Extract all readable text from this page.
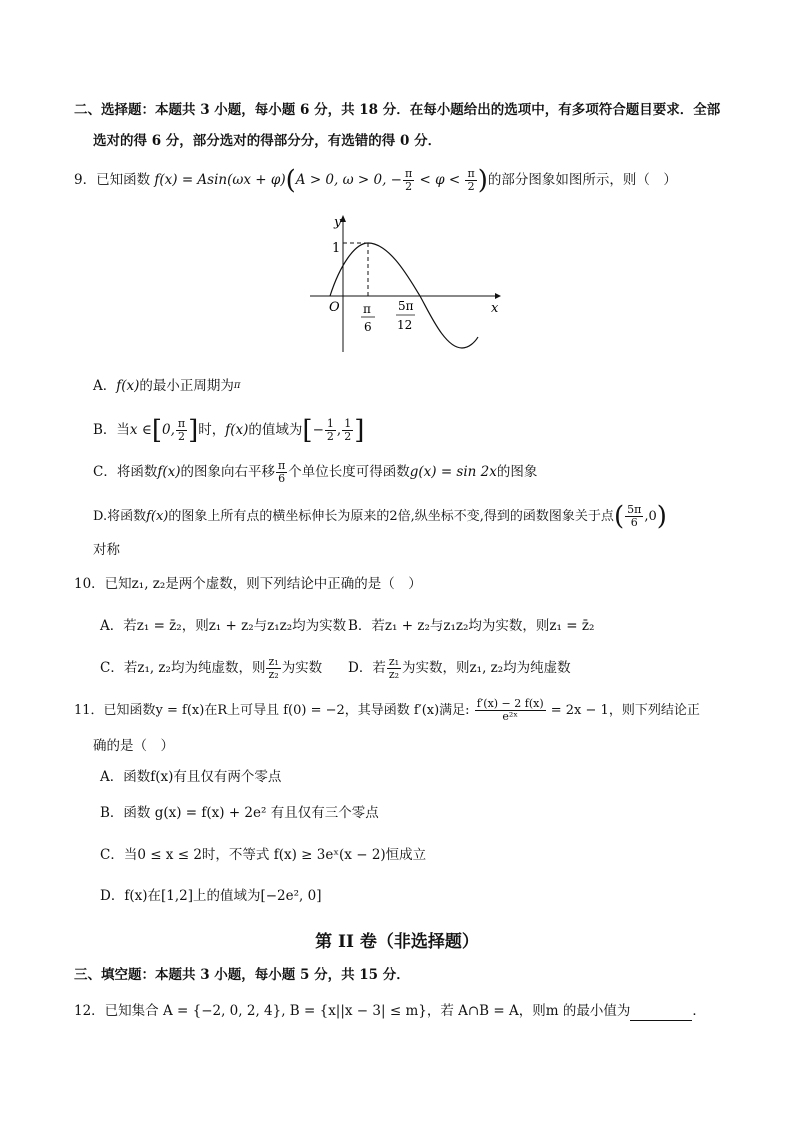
二、选择题：本题共 3 小题，每小题 6 分，共 18 分．在每小题给出的选项中，有多项符合题目要求．全部
选对的得 6 分，部分选对的得部分分，有选错的得 0 分．
9．已知函数 f(x) = Asin(ωx + φ)(A > 0, ω > 0, − $\frac{\pi}{2} < \varphi < \frac{\pi}{2}$ )的部分图象如图所示，则（　）
y
x
O
1
π
6
5π
12
A．f(x)的最小正周期为$^\pi$
B．当x ∈[0, $\frac{\pi}{2}$ ]时，f(x)的值域为[− $\frac{1}{2}$ , $\frac{1}{2}$ ]
C．将函数f(x)的图象向右平移 $\frac{\pi}{6}$ 个单位长度可得函数g(x) = sin 2x的图象
D.将函数f(x)的图象上所有点的横坐标伸长为原来的2倍,纵坐标不变,得到的函数图象关于点( $\frac{5\pi}{6} ,0$)
对称
10．已知z₁, z₂是两个虚数，则下列结论中正确的是（　）
A．若z₁ = z̄₂，则z₁ + z₂与z₁z₂均为实数 B．若z₁ + z₂与z₁z₂均为实数，则z₁ = z̄₂
C．若z₁, z₂均为纯虚数，则 $\frac{\text{z₁}}{\text{z₂}}$ 为实数 D．若 $\frac{\text{z₁}}{\text{z₂}}$ 为实数，则z₁, z₂均为纯虚数
11．已知函数y = f(x)在R上可导且 f(0) = −2，其导函数 f′(x)满足: $\frac{f'(x) - 2 f(x)}{\text{e²ˣ}} = 2x - 1$，则下列结论正
确的是（　）
A．函数f(x)有且仅有两个零点
B．函数 g(x) = f(x) + 2e² 有且仅有三个零点
C．当0 ≤ x ≤ 2时，不等式 f(x) ≥ 3eˣ(x − 2)恒成立
D．f(x)在[1,2]上的值域为[−2e², 0]
第 II 卷（非选择题）
三、填空题：本题共 3 小题，每小题 5 分，共 15 分．
12．已知集合 A = {−2, 0, 2, 4}, B = {x||x − 3| ≤ m}，若 A∩B = A，则m 的最小值为	．
